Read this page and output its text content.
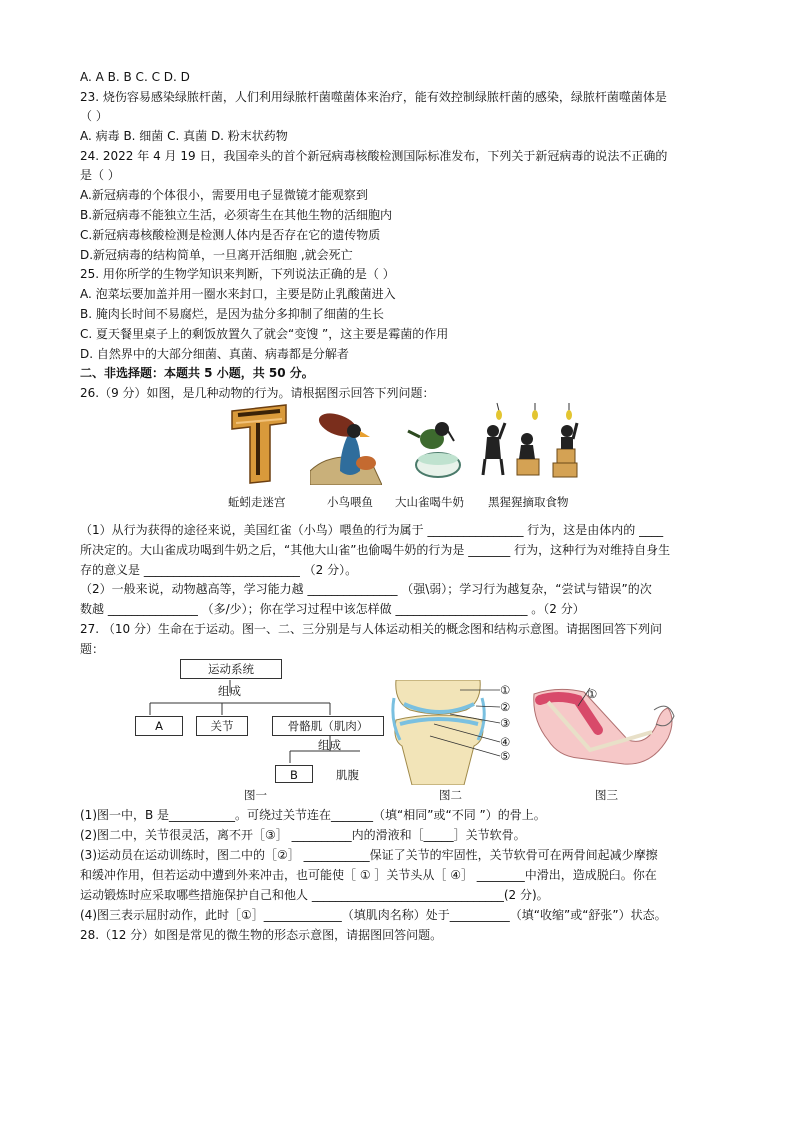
A. A B. B C. C D. D
23. 烧伤容易感染绿脓杆菌，人们利用绿脓杆菌噬菌体来治疗，能有效控制绿脓杆菌的感染，绿脓杆菌噬菌体是
（ ）
A. 病毒 B. 细菌 C. 真菌 D. 粉末状药物
24. 2022 年 4 月 19 日，我国牵头的首个新冠病毒核酸检测国际标准发布，下列关于新冠病毒的说法不正确的
是（ ）
A.新冠病毒的个体很小，需要用电子显微镜才能观察到
B.新冠病毒不能独立生活，必须寄生在其他生物的活细胞内
C.新冠病毒核酸检测是检测人体内是否存在它的遗传物质
D.新冠病毒的结构简单，一旦离开活细胞 ,就会死亡
25. 用你所学的生物学知识来判断，下列说法正确的是（ ）
A. 泡菜坛要加盖并用一圈水来封口，主要是防止乳酸菌进入
B. 腌肉长时间不易腐烂，是因为盐分多抑制了细菌的生长
C. 夏天餐里桌子上的剩饭放置久了就会“变馊 ”，这主要是霉菌的作用
D. 自然界中的大部分细菌、真菌、病毒都是分解者
二、非选择题：本题共 5 小题，共 50 分。
26.（9 分）如图，是几种动物的行为。请根据图示回答下列问题：
蚯蚓走迷宫	小鸟喂鱼 大山雀喝牛奶 黑猩猩摘取食物
（1）从行为获得的途径来说，美国红雀（小鸟）喂鱼的行为属于 ________________ 行为，这是由体内的 ____
所决定的。大山雀成功喝到牛奶之后，“其他大山雀”也偷喝牛奶的行为是 _______ 行为，这种行为对维持自身生
存的意义是 __________________________ （2 分）。
（2）一般来说，动物越高等，学习能力越 _______________ （强\弱）；学习行为越复杂，“尝试与错误”的次
数越 _______________ （多/少）；你在学习过程中该怎样做 ______________________ 。（2 分）
27. （10 分）生命在于运动。图一、二、三分别是与人体运动相关的概念图和结构示意图。请据图回答下列问
题：
运动系统
组成
A	关节	骨骼肌（肌肉）
组成
B	肌腹
图一
①
②
③
④
⑤
图二
①
图三
(1)图一中，B 是___________。可绕过关节连在_______（填“相同”或“不同 ”）的骨上。
(2)图二中，关节很灵活，离不开［③］ __________内的滑液和［_____］关节软骨。
(3)运动员在运动训练时，图二中的［②］ ___________保证了关节的牢固性，关节软骨可在两骨间起减少摩擦
和缓冲作用，但若运动中遭到外来冲击，也可能使［ ① ］关节头从［ ④］ ________中滑出，造成脱臼。你在
运动锻炼时应采取哪些措施保护自己和他人 ________________________________(2 分)。
(4)图三表示屈肘动作，此时［①］_____________（填肌肉名称）处于__________（填“收缩”或“舒张”）状态。
28.（12 分）如图是常见的微生物的形态示意图，请据图回答问题。
